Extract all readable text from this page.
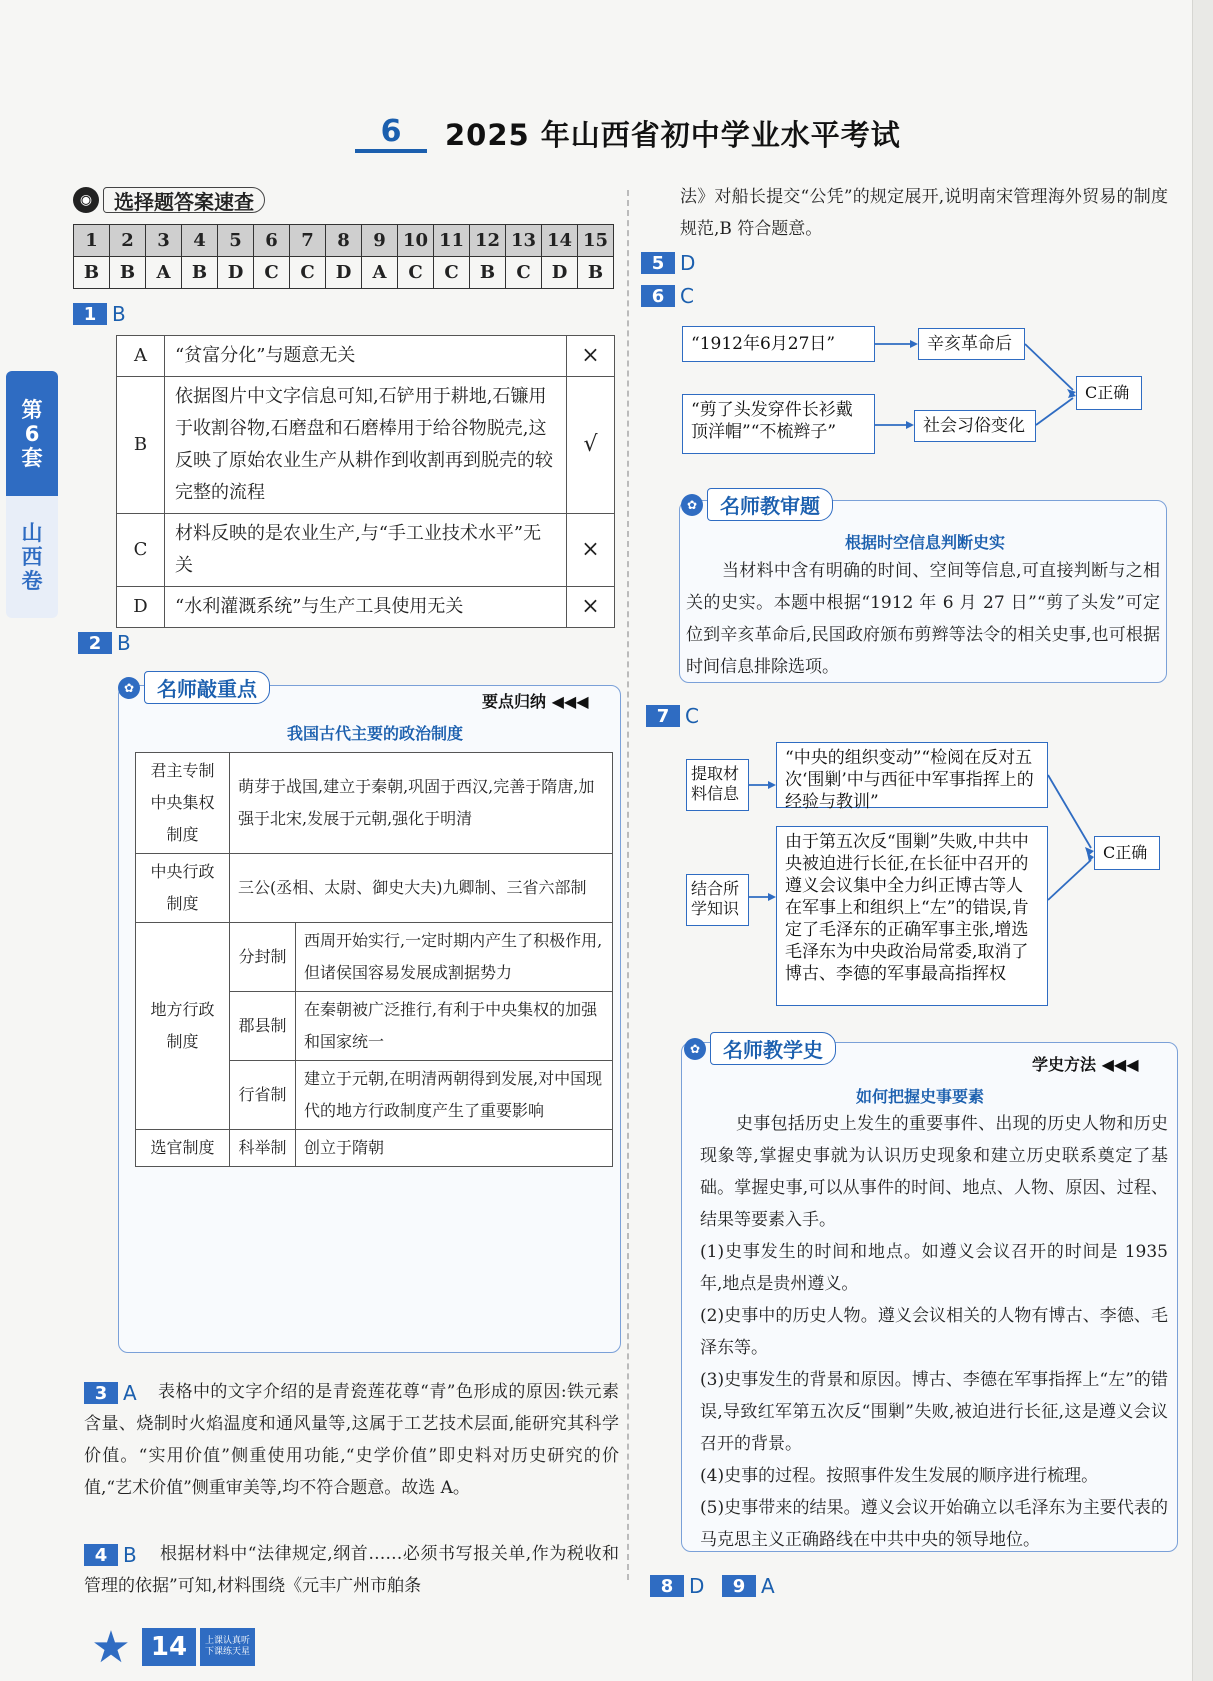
6	2025 年山西省初中学业水平考试
第
6
套
山
西
卷
◉	选择题答案速查
1	2	3	4	5	6	7	8	9	10	11	12	13	14	15
B	B	A	B	D	C	C	D	A	C	C	B	C	D	B
1 B
A	“贫富分化”与题意无关	×
B	依据图片中文字信息可知,石铲用于耕地,石镰用于收割谷物,石磨盘和石磨棒用于给谷物脱壳,这反映了原始农业生产从耕作到收割再到脱壳的较完整的流程	√
C	材料反映的是农业生产,与“手工业技术水平”无关	×
D	“水利灌溉系统”与生产工具使用无关	×
2 B
✿	名师敲重点
要点归纳 ◀◀◀
我国古代主要的政治制度
君主专制中央集权制度	萌芽于战国,建立于秦朝,巩固于西汉,完善于隋唐,加强于北宋,发展于元朝,强化于明清	
中央行政制度	三公(丞相、太尉、御史大夫)九卿制、三省六部制	
地方行政制度	分封制	西周开始实行,一定时期内产生了积极作用,但诸侯国容易发展成割据势力
	郡县制	在秦朝被广泛推行,有利于中央集权的加强和国家统一
	行省制	建立于元朝,在明清两朝得到发展,对中国现代的地方行政制度产生了重要影响
选官制度	科举制	创立于隋朝
3 A	表格中的文字介绍的是青瓷莲花尊“青”色形成的原因:铁元素含量、烧制时火焰温度和通风量等,这属于工艺技术层面,能研究其科学价值。“实用价值”侧重使用功能,“史学价值”即史料对历史研究的价值,“艺术价值”侧重审美等,均不符合题意。故选 A。
4 B	根据材料中“法律规定,纲首……必须书写报关单,作为税收和管理的依据”可知,材料围绕《元丰广州市舶条
法》对船长提交“公凭”的规定展开,说明南宋管理海外贸易的制度规范,B 符合题意。
5 D
6 C
“1912年6月27日”	辛亥革命后
“剪了头发穿件长衫戴顶洋帽”“不梳辫子”	社会习俗变化
C正确
✿	名师教审题
根据时空信息判断史实
当材料中含有明确的时间、空间等信息,可直接判断与之相关的史实。本题中根据“1912 年 6 月 27 日”“剪了头发”可定位到辛亥革命后,民国政府颁布剪辫等法令的相关史事,也可根据时间信息排除选项。
7 C
提取材料信息
“中央的组织变动”“检阅在反对五次‘围剿’中与西征中军事指挥上的经验与教训”
结合所学知识
由于第五次反“围剿”失败,中共中央被迫进行长征,在长征中召开的遵义会议集中全力纠正博古等人在军事上和组织上“左”的错误,肯定了毛泽东的正确军事主张,增选毛泽东为中央政治局常委,取消了博古、李德的军事最高指挥权
C正确
✿	名师教学史
学史方法 ◀◀◀
如何把握史事要素
史事包括历史上发生的重要事件、出现的历史人物和历史现象等,掌握史事就为认识历史现象和建立历史联系奠定了基础。掌握史事,可以从事件的时间、地点、人物、原因、过程、结果等要素入手。
(1)史事发生的时间和地点。如遵义会议召开的时间是 1935 年,地点是贵州遵义。
(2)史事中的历史人物。遵义会议相关的人物有博古、李德、毛泽东等。
(3)史事发生的背景和原因。博古、李德在军事指挥上“左”的错误,导致红军第五次反“围剿”失败,被迫进行长征,这是遵义会议召开的背景。
(4)史事的过程。按照事件发生发展的顺序进行梳理。
(5)史事带来的结果。遵义会议开始确立以毛泽东为主要代表的马克思主义正确路线在中共中央的领导地位。
8 D	9 A
★ 14	上课认真听
下课练天星
